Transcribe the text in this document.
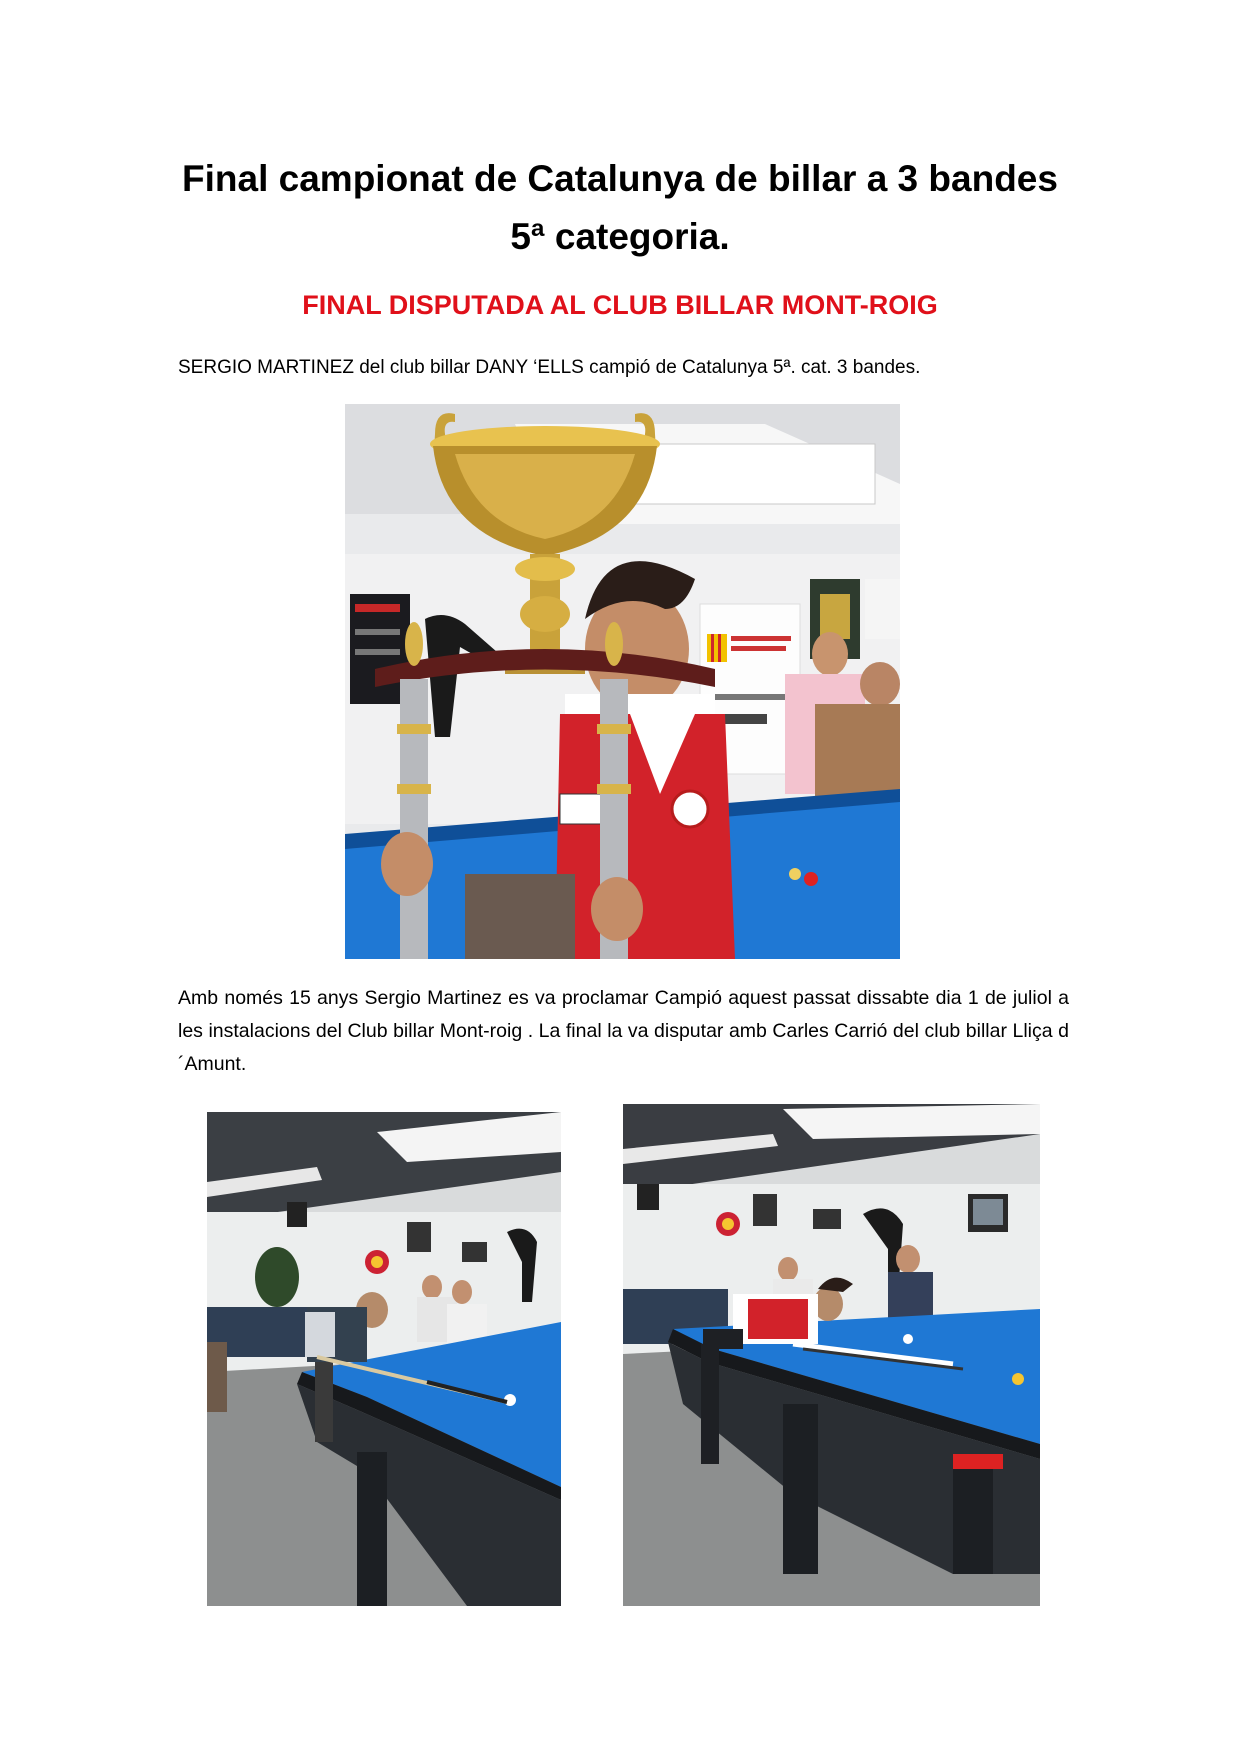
Final campionat de Catalunya de billar a 3 bandes
5ª categoria.
FINAL DISPUTADA AL CLUB BILLAR MONT-ROIG
SERGIO MARTINEZ del club billar DANY ‘ELLS campió de Catalunya 5ª. cat. 3 bandes.
Amb només 15 anys Sergio Martinez es va proclamar Campió aquest passat dissabte dia 1 de juliol a les instalacions del Club billar Mont-roig . La final la va disputar amb Carles Carrió del club billar Lliça d´Amunt.
